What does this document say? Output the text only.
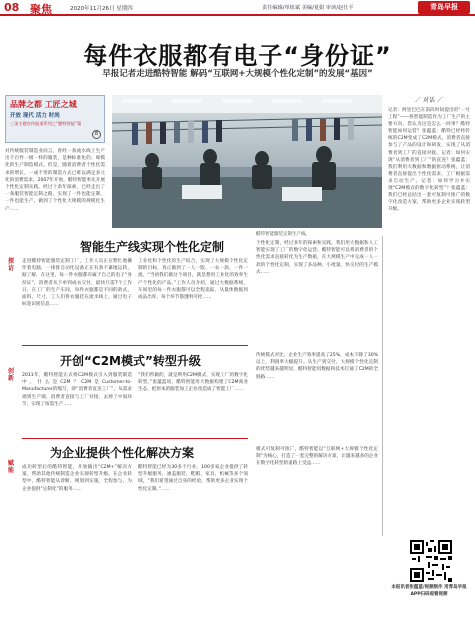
08 聚焦	2020年11月26日 星期四	责任编辑/单纽斌 美编/夏娟 审读/赵仕平	青岛早报
每件衣服都有电子“身份证”
早报记者走进酷特智能 解码“互联网+大规模个性化定制”的发展“基因”
品牌之都 工匠之城
开放 现代 活力 时尚
三条主题宣传报道系列之“酷特智能”篇
8
对传统服装制造业而言，曾经一条流水线上生产出千百件一模一样的服装，是种标准化的、规模化的生产制造模式。但是，随着消费者个性化需求的增长，一成不变的制造方式已难以满足多元化的消费需求。2007年开始，酷特智能率先开展个性化定制实践，经过十余年探索，已经走出了一条服装智能定制之路，实现了一件也能定制、一件也能生产，做到了个性化大规模的规模化生产……
酷特智能服装定制生产线。
／ 对话 ／
记者：阿里巴巴在前段时间提出的“一号工程”——将智能制造作为工厂生产的主要方向，您认为这是怎么一回事？酷特智能如何运营？张蕴蓝：酷特已经将传统的C2M变成了C2M模式，消费者直接参与了产品的设计和研发，实现了从消费者到工厂的直接对接。记者：如何实现“从消费者到工厂”的直连？张蕴蓝：我们利用大数据和数据驱动系统，让消费者直接提出个性化需求，工厂根据需求自动生产。记者：如何学习并实现“C2M模式的数字化转型”？张蕴蓝：我们已经总结出一套可复制可推广的数字化改造方案，帮助更多企业实现转型升级。
探访
智能生产线实现个性化定制
走进酷特智能服装定制工厂，工作人员正在繁忙地操作着电脑，一排排自动化设备正在有条不紊地运转。据了解，在这里，每一件衣服都有属于自己的电子“身份证”，消费者从下单到成衣交付，最快只需7个工作日。在工厂的生产车间，每件衣服都是不同的款式、面料、尺寸，工人们将衣服挂在流水线上，通过电子标签识别信息……
工业化和个性化的生产结合，实现了大规模个性化定制的目标，真正做到了一人一版、一衣一款、一件一流。“当初我们做这个项目，就是想用工业化的效率生产个性化的产品。”工作人员介绍，通过大数据系统，车间里的每一件衣服都可以全程追踪，从量体数据到成品出库，每个环节都透明可控……
个性化定制，经过多年的探索和实践，我们用大数据和人工智能实现了工厂的数字化运营。酷特智能可以将消费者的个性化需求直接转化为生产数据，在大规模生产中完成一人一款的个性化定制，实现了多品种、小批量、快交付的生产模式……
创新
开创“C2M模式”转型升级
2011年，酷特智能正式将C2M模式引入到服装制造中。什么是C2M？C2M是Customer-to-Manufacturer的缩写，即“消费者直连工厂”，从需求端到生产端，消费者直接与工厂对接，去掉了中间环节，实现了按需生产……
“我们所做的，就是利用C2M模式，实现工厂的数字化转型。”张蕴蓝说，酷特智能用大数据构建了C2M商业生态，把原本的服装加工企业改造成了智能工厂……
传统模式对比，企业生产效率提高了25%，成本下降了30%以上，利润率大幅提升。从生产到交付，大规模个性化定制的优势越来越明显，酷特智能用数据和技术打通了C2M的全链路……
赋能
为企业提供个性化解决方案
成功转型后的酷特智能，开始输出“C2M+”解决方案，帮助其他传统制造企业实现转型升级。在企业转型中，酷特智能从诊断、规划到实施，全程参与，为企业提供“定制化”的服务……
酷特智能已经为30多个行业、100多家企业提供了转型升级服务，涵盖服装、鞋帽、家具、机械等多个领域。“我们希望通过自身的经验，帮助更多企业实现个性化定制。”……
模式可复制可推广，酷特智能以“互联网+大规模个性化定制”为核心，打造了一套完整的解决方案，让越来越多的企业在数字化转型的道路上受益……
本报讯者张蕴蓝/视频制作 用青岛早报APP扫码观看视频
